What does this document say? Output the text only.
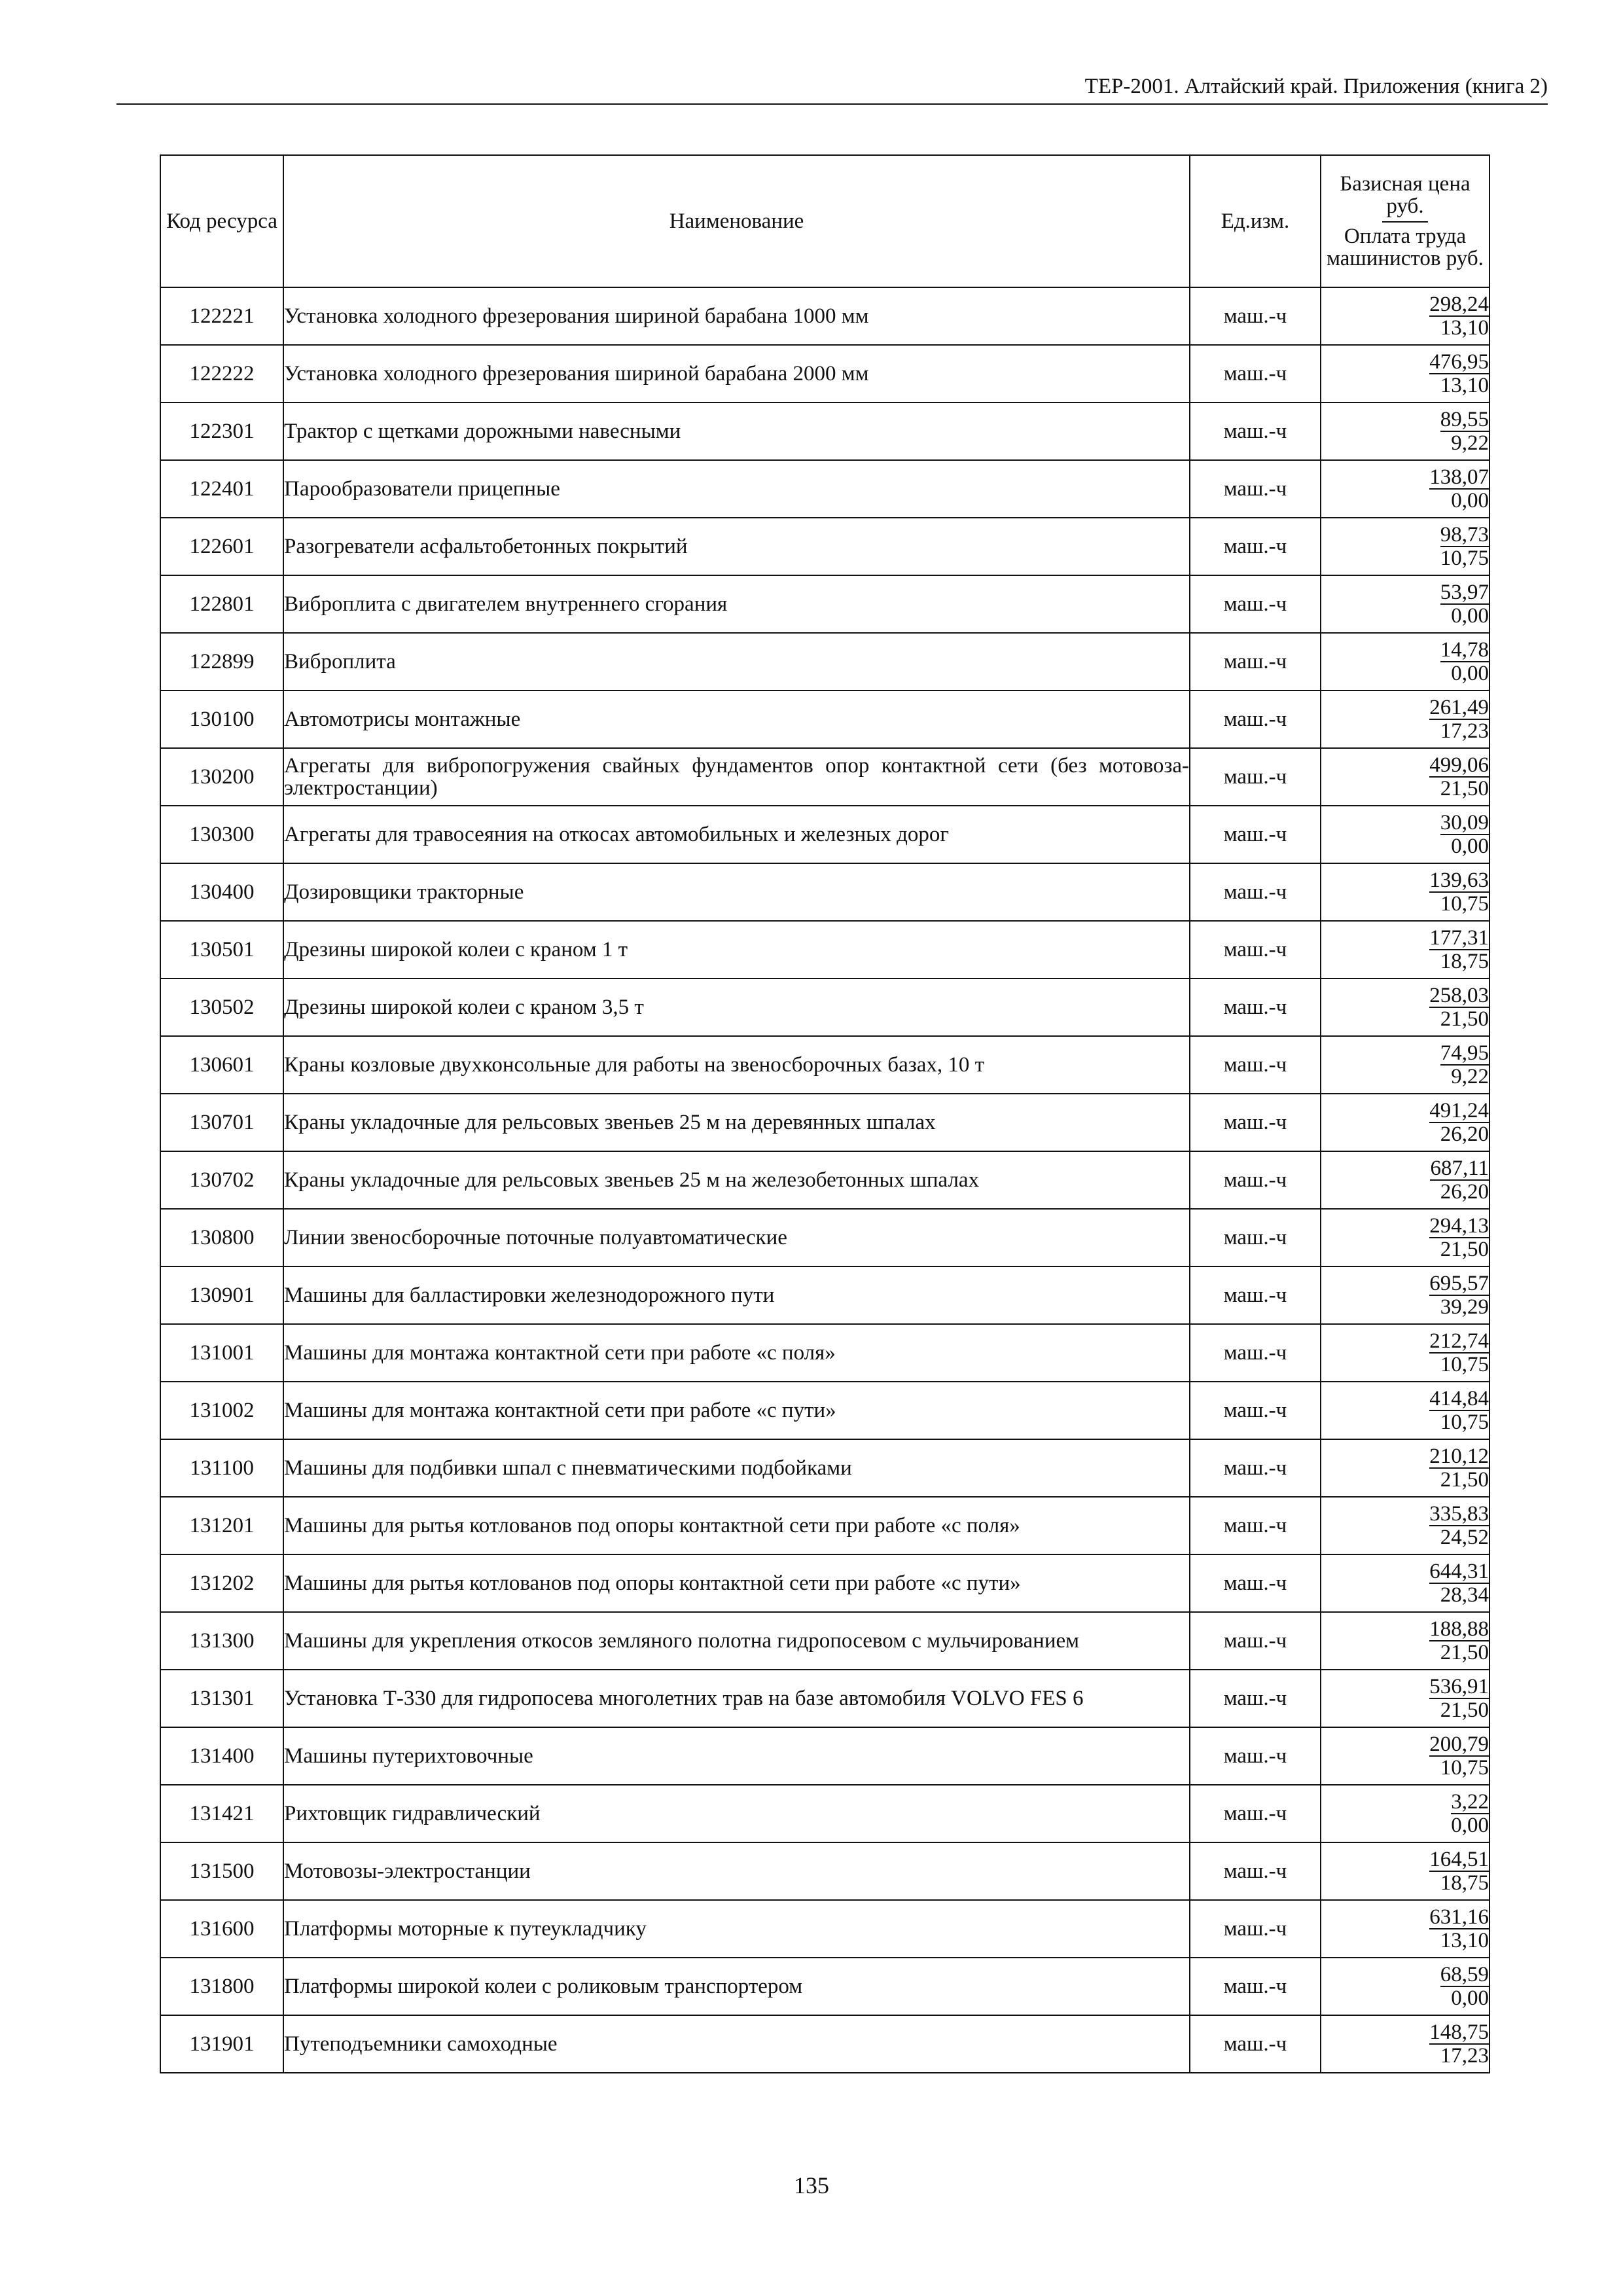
ТЕР-2001. Алтайский край. Приложения (книга 2)
Код ресурса	Наименование	Ед.изм.	Базисная цена руб.
Оплата труда машинистов руб.

122221	Установка холодного фрезерования шириной барабана 1000 мм	маш.-ч	$\frac{298,24}{13,10}$

122222	Установка холодного фрезерования шириной барабана 2000 мм	маш.-ч	$\frac{476,95}{13,10}$

122301	Трактор с щетками дорожными навесными	маш.-ч	$\frac{89,55}{9,22}$

122401	Парообразователи прицепные	маш.-ч	$\frac{138,07}{0,00}$

122601	Разогреватели асфальтобетонных покрытий	маш.-ч	$\frac{98,73}{10,75}$

122801	Виброплита с двигателем внутреннего сгорания	маш.-ч	$\frac{53,97}{0,00}$

122899	Виброплита	маш.-ч	$\frac{14,78}{0,00}$

130100	Автомотрисы монтажные	маш.-ч	$\frac{261,49}{17,23}$

130200	Агрегаты для вибропогружения свайных фундаментов опор контактной сети (без мотовоза-электростанции)	маш.-ч	$\frac{499,06}{21,50}$

130300	Агрегаты для травосеяния на откосах автомобильных и железных дорог	маш.-ч	$\frac{30,09}{0,00}$

130400	Дозировщики тракторные	маш.-ч	$\frac{139,63}{10,75}$

130501	Дрезины широкой колеи с краном 1 т	маш.-ч	$\frac{177,31}{18,75}$

130502	Дрезины широкой колеи с краном 3,5 т	маш.-ч	$\frac{258,03}{21,50}$

130601	Краны козловые двухконсольные для работы на звеносборочных базах, 10 т	маш.-ч	$\frac{74,95}{9,22}$

130701	Краны укладочные для рельсовых звеньев 25 м на деревянных шпалах	маш.-ч	$\frac{491,24}{26,20}$

130702	Краны укладочные для рельсовых звеньев 25 м на железобетонных шпалах	маш.-ч	$\frac{687,11}{26,20}$

130800	Линии звеносборочные поточные полуавтоматические	маш.-ч	$\frac{294,13}{21,50}$

130901	Машины для балластировки железнодорожного пути	маш.-ч	$\frac{695,57}{39,29}$

131001	Машины для монтажа контактной сети при работе «с поля»	маш.-ч	$\frac{212,74}{10,75}$

131002	Машины для монтажа контактной сети при работе «с пути»	маш.-ч	$\frac{414,84}{10,75}$

131100	Машины для подбивки шпал с пневматическими подбойками	маш.-ч	$\frac{210,12}{21,50}$

131201	Машины для рытья котлованов под опоры контактной сети при работе «с поля»	маш.-ч	$\frac{335,83}{24,52}$

131202	Машины для рытья котлованов под опоры контактной сети при работе «с пути»	маш.-ч	$\frac{644,31}{28,34}$

131300	Машины для укрепления откосов земляного полотна гидропосевом с мульчированием	маш.-ч	$\frac{188,88}{21,50}$

131301	Установка Т-330 для гидропосева многолетних трав на базе автомобиля VOLVO FES 6	маш.-ч	$\frac{536,91}{21,50}$

131400	Машины путерихтовочные	маш.-ч	$\frac{200,79}{10,75}$

131421	Рихтовщик гидравлический	маш.-ч	$\frac{3,22}{0,00}$

131500	Мотовозы-электростанции	маш.-ч	$\frac{164,51}{18,75}$

131600	Платформы моторные к путеукладчику	маш.-ч	$\frac{631,16}{13,10}$

131800	Платформы широкой колеи с роликовым транспортером	маш.-ч	$\frac{68,59}{0,00}$

131901	Путеподъемники самоходные	маш.-ч	$\frac{148,75}{17,23}$
135
